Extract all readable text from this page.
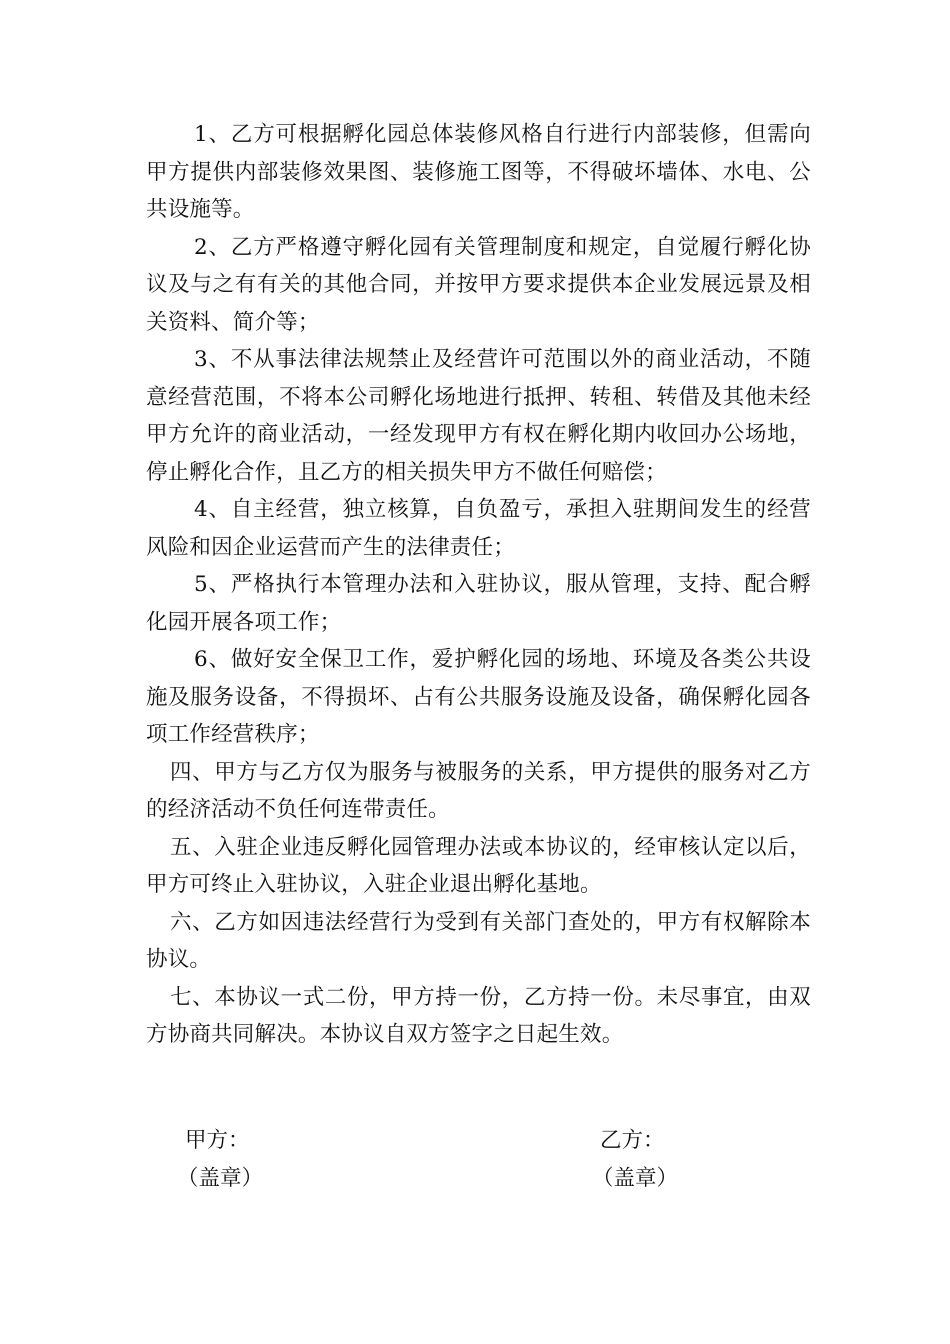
1、乙方可根据孵化园总体装修风格自行进行内部装修，但需向甲方提供内部装修效果图、装修施工图等，不得破坏墙体、水电、公共设施等。

2、乙方严格遵守孵化园有关管理制度和规定，自觉履行孵化协议及与之有有关的其他合同，并按甲方要求提供本企业发展远景及相关资料、简介等；

3、不从事法律法规禁止及经营许可范围以外的商业活动，不随意经营范围，不将本公司孵化场地进行抵押、转租、转借及其他未经甲方允许的商业活动，一经发现甲方有权在孵化期内收回办公场地，停止孵化合作，且乙方的相关损失甲方不做任何赔偿；

4、自主经营，独立核算，自负盈亏，承担入驻期间发生的经营风险和因企业运营而产生的法律责任；

5、严格执行本管理办法和入驻协议，服从管理，支持、配合孵化园开展各项工作；

6、做好安全保卫工作，爱护孵化园的场地、环境及各类公共设施及服务设备，不得损坏、占有公共服务设施及设备，确保孵化园各项工作经营秩序；

四、甲方与乙方仅为服务与被服务的关系，甲方提供的服务对乙方的经济活动不负任何连带责任。

五、入驻企业违反孵化园管理办法或本协议的，经审核认定以后，甲方可终止入驻协议，入驻企业退出孵化基地。

六、乙方如因违法经营行为受到有关部门查处的，甲方有权解除本协议。

七、本协议一式二份，甲方持一份，乙方持一份。未尽事宜，由双方协商共同解决。本协议自双方签字之日起生效。

甲方：
（盖章）
乙方：
（盖章）
